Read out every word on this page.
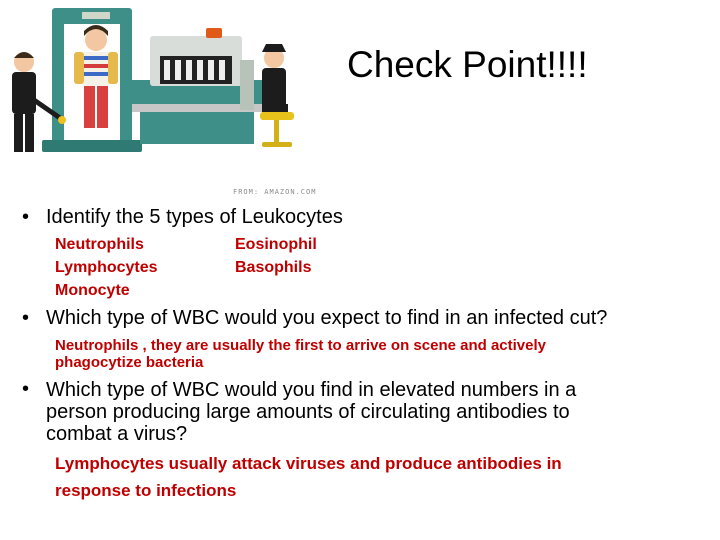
FROM: AMAZON.COM
Check Point!!!!
• Identify the 5 types of Leukocytes
Neutrophils
Lymphocytes
Monocyte
Eosinophil
Basophils
• Which type of WBC would you expect to find in an infected cut?
Neutrophils , they are usually the first to arrive on scene and actively
phagocytize bacteria
• Which type of WBC would you find in elevated numbers in a
person producing large amounts of circulating antibodies to
combat a virus?
Lymphocytes usually attack viruses and produce antibodies in
response to infections
